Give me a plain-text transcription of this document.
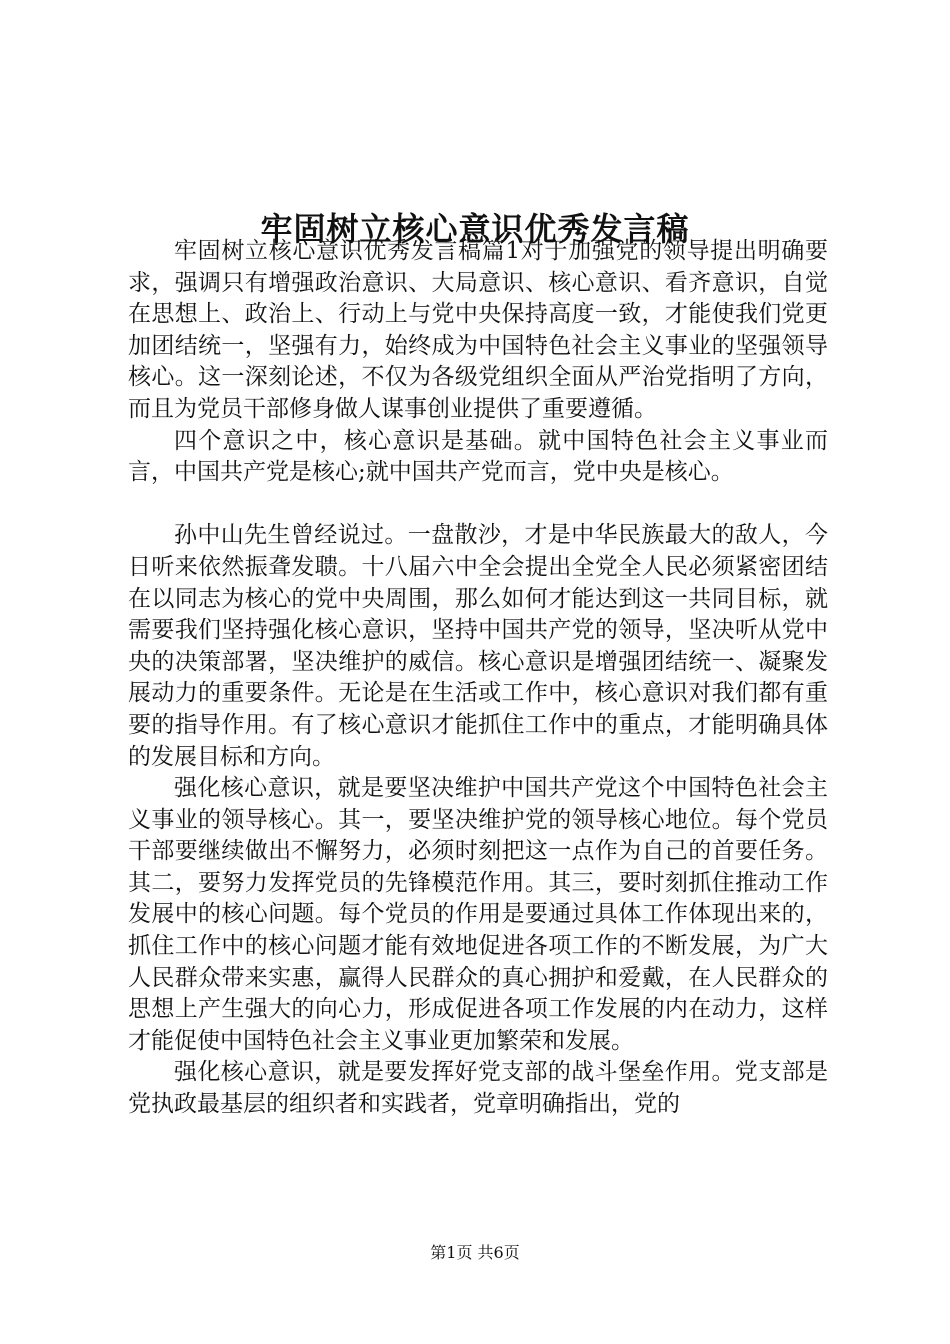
牢固树立核心意识优秀发言稿

牢固树立核心意识优秀发言稿篇1对于加强党的领导提出明确要求，强调只有增强政治意识、大局意识、核心意识、看齐意识，自觉在思想上、政治上、行动上与党中央保持高度一致，才能使我们党更加团结统一，坚强有力，始终成为中国特色社会主义事业的坚强领导核心。这一深刻论述，不仅为各级党组织全面从严治党指明了方向，而且为党员干部修身做人谋事创业提供了重要遵循。

四个意识之中，核心意识是基础。就中国特色社会主义事业而言，中国共产党是核心;就中国共产党而言，党中央是核心。

孙中山先生曾经说过。一盘散沙，才是中华民族最大的敌人，今日听来依然振聋发聩。十八届六中全会提出全党全人民必须紧密团结在以同志为核心的党中央周围，那么如何才能达到这一共同目标，就需要我们坚持强化核心意识，坚持中国共产党的领导，坚决听从党中央的决策部署，坚决维护的威信。核心意识是增强团结统一、凝聚发展动力的重要条件。无论是在生活或工作中，核心意识对我们都有重要的指导作用。有了核心意识才能抓住工作中的重点，才能明确具体的发展目标和方向。

强化核心意识，就是要坚决维护中国共产党这个中国特色社会主义事业的领导核心。其一，要坚决维护党的领导核心地位。每个党员干部要继续做出不懈努力，必须时刻把这一点作为自己的首要任务。其二，要努力发挥党员的先锋模范作用。其三，要时刻抓住推动工作发展中的核心问题。每个党员的作用是要通过具体工作体现出来的，抓住工作中的核心问题才能有效地促进各项工作的不断发展，为广大人民群众带来实惠，赢得人民群众的真心拥护和爱戴，在人民群众的思想上产生强大的向心力，形成促进各项工作发展的内在动力，这样才能促使中国特色社会主义事业更加繁荣和发展。

强化核心意识，就是要发挥好党支部的战斗堡垒作用。党支部是党执政最基层的组织者和实践者，党章明确指出，党的

第1页 共6页
